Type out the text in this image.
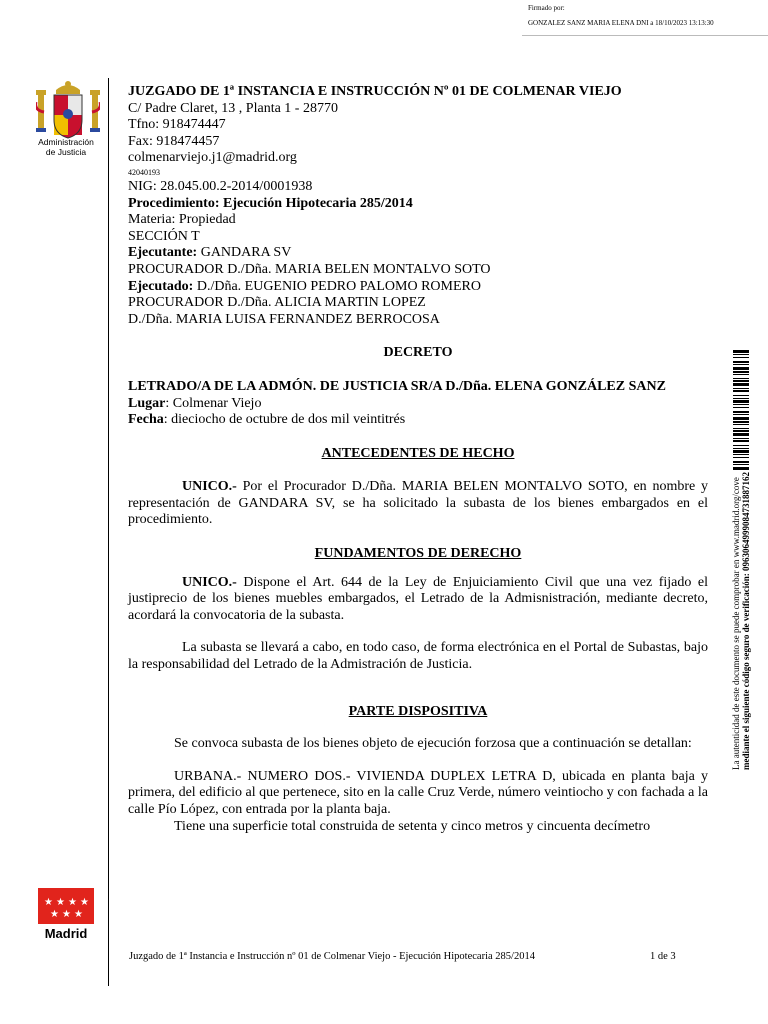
Firmado por:
GONZALEZ SANZ MARIA ELENA DNI a 18/10/2023 13:13:30
Administración
de Justicia
★ ★ ★ ★
★ ★ ★
Madrid
La autenticidad de este documento se puede comprobar en www.madrid.org/cove mediante el siguiente código seguro de verificación: 0963064999084731887162

JUZGADO DE 1ª INSTANCIA E INSTRUCCIÓN Nº 01 DE COLMENAR VIEJO

C/ Padre Claret, 13 , Planta 1 - 28770

Tfno: 918474447

Fax: 918474457

colmenarviejo.j1@madrid.org

42040193

NIG: 28.045.00.2-2014/0001938

Procedimiento: Ejecución Hipotecaria 285/2014

Materia: Propiedad

SECCIÓN T

Ejecutante: GANDARA SV

PROCURADOR D./Dña. MARIA BELEN MONTALVO SOTO

Ejecutado: D./Dña. EUGENIO PEDRO PALOMO ROMERO

PROCURADOR D./Dña. ALICIA MARTIN LOPEZ

D./Dña. MARIA LUISA FERNANDEZ BERROCOSA

DECRETO

LETRADO/A DE LA ADMÓN. DE JUSTICIA SR/A D./Dña. ELENA GONZÁLEZ SANZ

Lugar: Colmenar Viejo

Fecha: dieciocho de octubre de dos mil veintitrés

ANTECEDENTES DE HECHO

UNICO.- Por el Procurador D./Dña. MARIA BELEN MONTALVO SOTO, en nombre y representación de GANDARA SV, se ha solicitado la subasta de los bienes embargados en el procedimiento.

FUNDAMENTOS DE DERECHO

UNICO.- Dispone el Art. 644 de la Ley de Enjuiciamiento Civil que una vez fijado el justiprecio de los bienes muebles embargados, el Letrado de la Admisnistración, mediante decreto, acordará la convocatoria de la subasta.

La subasta se llevará a cabo, en todo caso, de forma electrónica en el Portal de Subastas, bajo la responsabilidad del Letrado de la Admistración de Justicia.

PARTE DISPOSITIVA

Se convoca subasta de los bienes objeto de ejecución forzosa que a continuación se detallan:

URBANA.- NUMERO DOS.- VIVIENDA DUPLEX LETRA D, ubicada en planta baja y primera, del edificio al que pertenece, sito en la calle Cruz Verde, número veintiocho y con fachada a la calle Pío López, con entrada por la planta baja.

Tiene una superficie total construida de setenta y cinco metros y cincuenta decímetro

Juzgado de 1ª Instancia e Instrucción nº 01 de Colmenar Viejo - Ejecución Hipotecaria 285/2014	1 de 3
